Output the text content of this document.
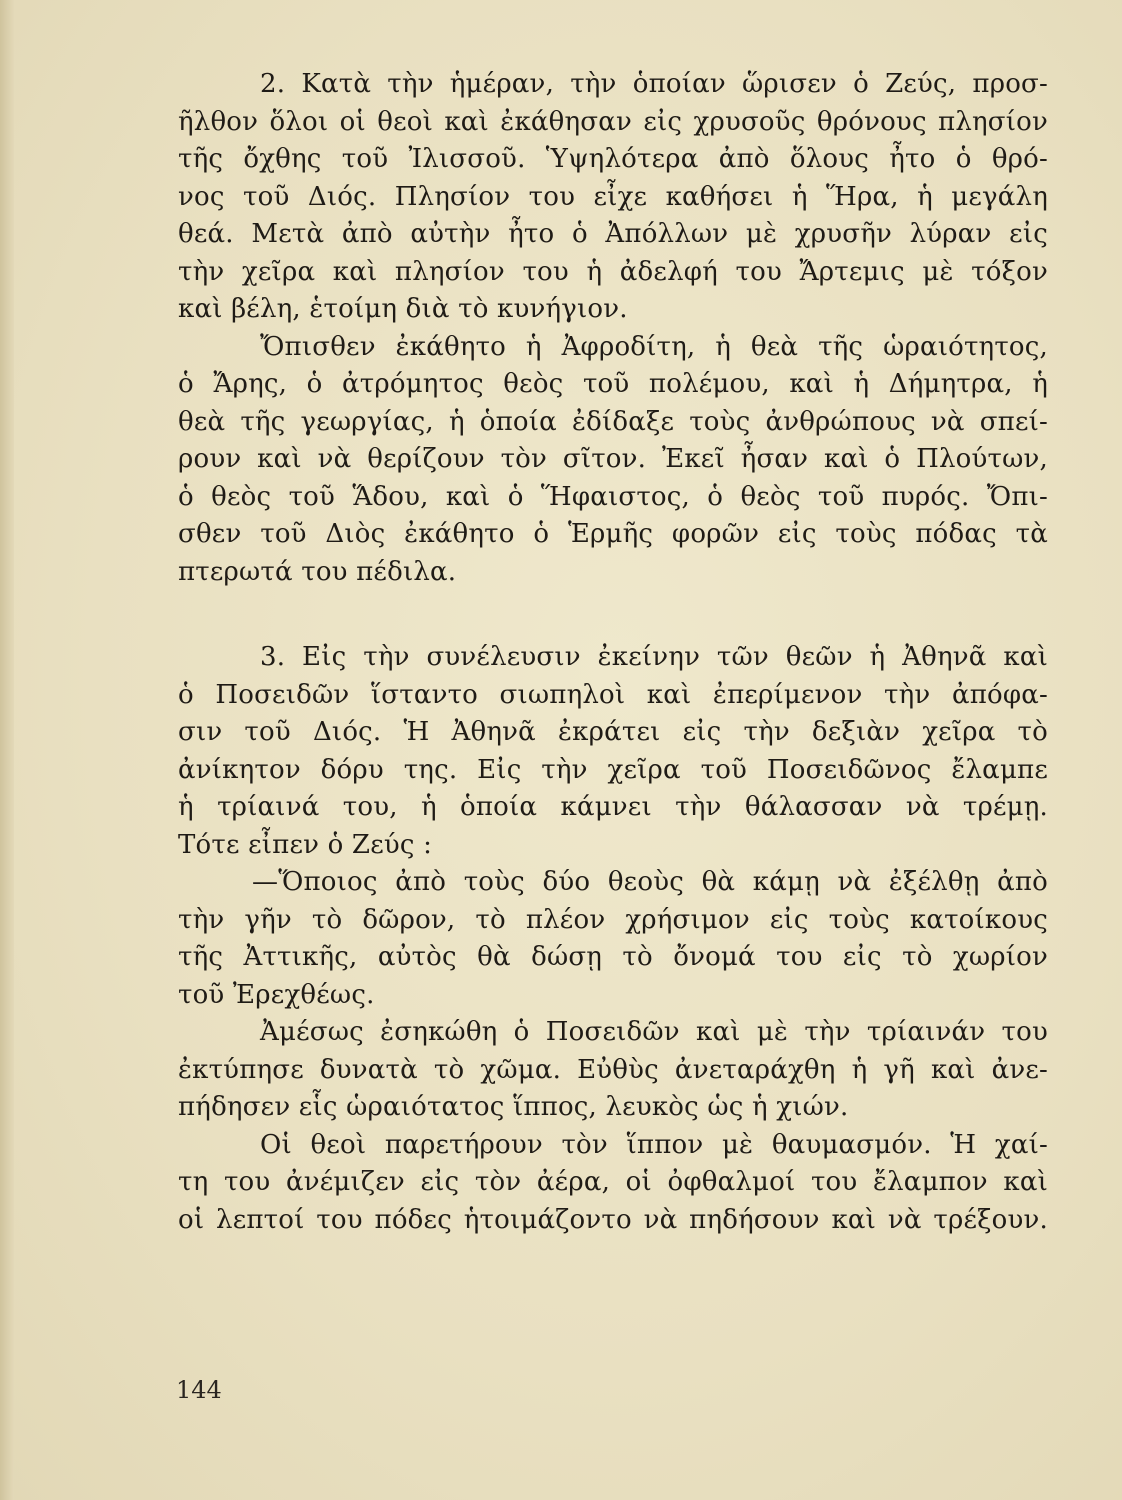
2. Κατὰ τὴν ἡμέραν, τὴν ὁποίαν ὥρισεν ὁ Ζεύς, προσ-
ῆλθον ὅλοι οἱ θεοὶ καὶ ἐκάθησαν εἰς χρυσοῦς θρόνους πλησίον
τῆς ὄχθης τοῦ Ἰλισσοῦ. Ὑψηλότερα ἀπὸ ὅλους ἦτο ὁ θρό-
νος τοῦ Διός. Πλησίον του εἶχε καθήσει ἡ Ἥρα, ἡ μεγάλη
θεά. Μετὰ ἀπὸ αὐτὴν ἦτο ὁ Ἀπόλλων μὲ χρυσῆν λύραν εἰς
τὴν χεῖρα καὶ πλησίον του ἡ ἀδελφή του Ἄρτεμις μὲ τόξον
καὶ βέλη, ἑτοίμη διὰ τὸ κυνήγιον.
Ὄπισθεν ἐκάθητο ἡ Ἀφροδίτη, ἡ θεὰ τῆς ὡραιότητος,
ὁ Ἄρης, ὁ ἀτρόμητος θεὸς τοῦ πολέμου, καὶ ἡ Δήμητρα, ἡ
θεὰ τῆς γεωργίας, ἡ ὁποία ἐδίδαξε τοὺς ἀνθρώπους νὰ σπεί-
ρουν καὶ νὰ θερίζουν τὸν σῖτον. Ἐκεῖ ἦσαν καὶ ὁ Πλούτων,
ὁ θεὸς τοῦ Ἅδου, καὶ ὁ Ἥφαιστος, ὁ θεὸς τοῦ πυρός. Ὄπι-
σθεν τοῦ Διὸς ἐκάθητο ὁ Ἑρμῆς φορῶν εἰς τοὺς πόδας τὰ
πτερωτά του πέδιλα.
3. Εἰς τὴν συνέλευσιν ἐκείνην τῶν θεῶν ἡ Ἀθηνᾶ καὶ
ὁ Ποσειδῶν ἵσταντο σιωπηλοὶ καὶ ἐπερίμενον τὴν ἀπόφα-
σιν τοῦ Διός. Ἡ Ἀθηνᾶ ἐκράτει εἰς τὴν δεξιὰν χεῖρα τὸ
ἀνίκητον δόρυ της. Εἰς τὴν χεῖρα τοῦ Ποσειδῶνος ἔλαμπε
ἡ τρίαινά του, ἡ ὁποία κάμνει τὴν θάλασσαν νὰ τρέμῃ.
Τότε εἶπεν ὁ Ζεύς :
—Ὅποιος ἀπὸ τοὺς δύο θεοὺς θὰ κάμῃ νὰ ἐξέλθῃ ἀπὸ
τὴν γῆν τὸ δῶρον, τὸ πλέον χρήσιμον εἰς τοὺς κατοίκους
τῆς Ἀττικῆς, αὐτὸς θὰ δώσῃ τὸ ὄνομά του εἰς τὸ χωρίον
τοῦ Ἐρεχθέως.
Ἀμέσως ἐσηκώθη ὁ Ποσειδῶν καὶ μὲ τὴν τρίαινάν του
ἐκτύπησε δυνατὰ τὸ χῶμα. Εὐθὺς ἀνεταράχθη ἡ γῆ καὶ ἀνε-
πήδησεν εἷς ὡραιότατος ἵππος, λευκὸς ὡς ἡ χιών.
Οἱ θεοὶ παρετήρουν τὸν ἵππον μὲ θαυμασμόν. Ἡ χαί-
τη του ἀνέμιζεν εἰς τὸν ἀέρα, οἱ ὀφθαλμοί του ἔλαμπον καὶ
οἱ λεπτοί του πόδες ἡτοιμάζοντο νὰ πηδήσουν καὶ νὰ τρέξουν.
144
